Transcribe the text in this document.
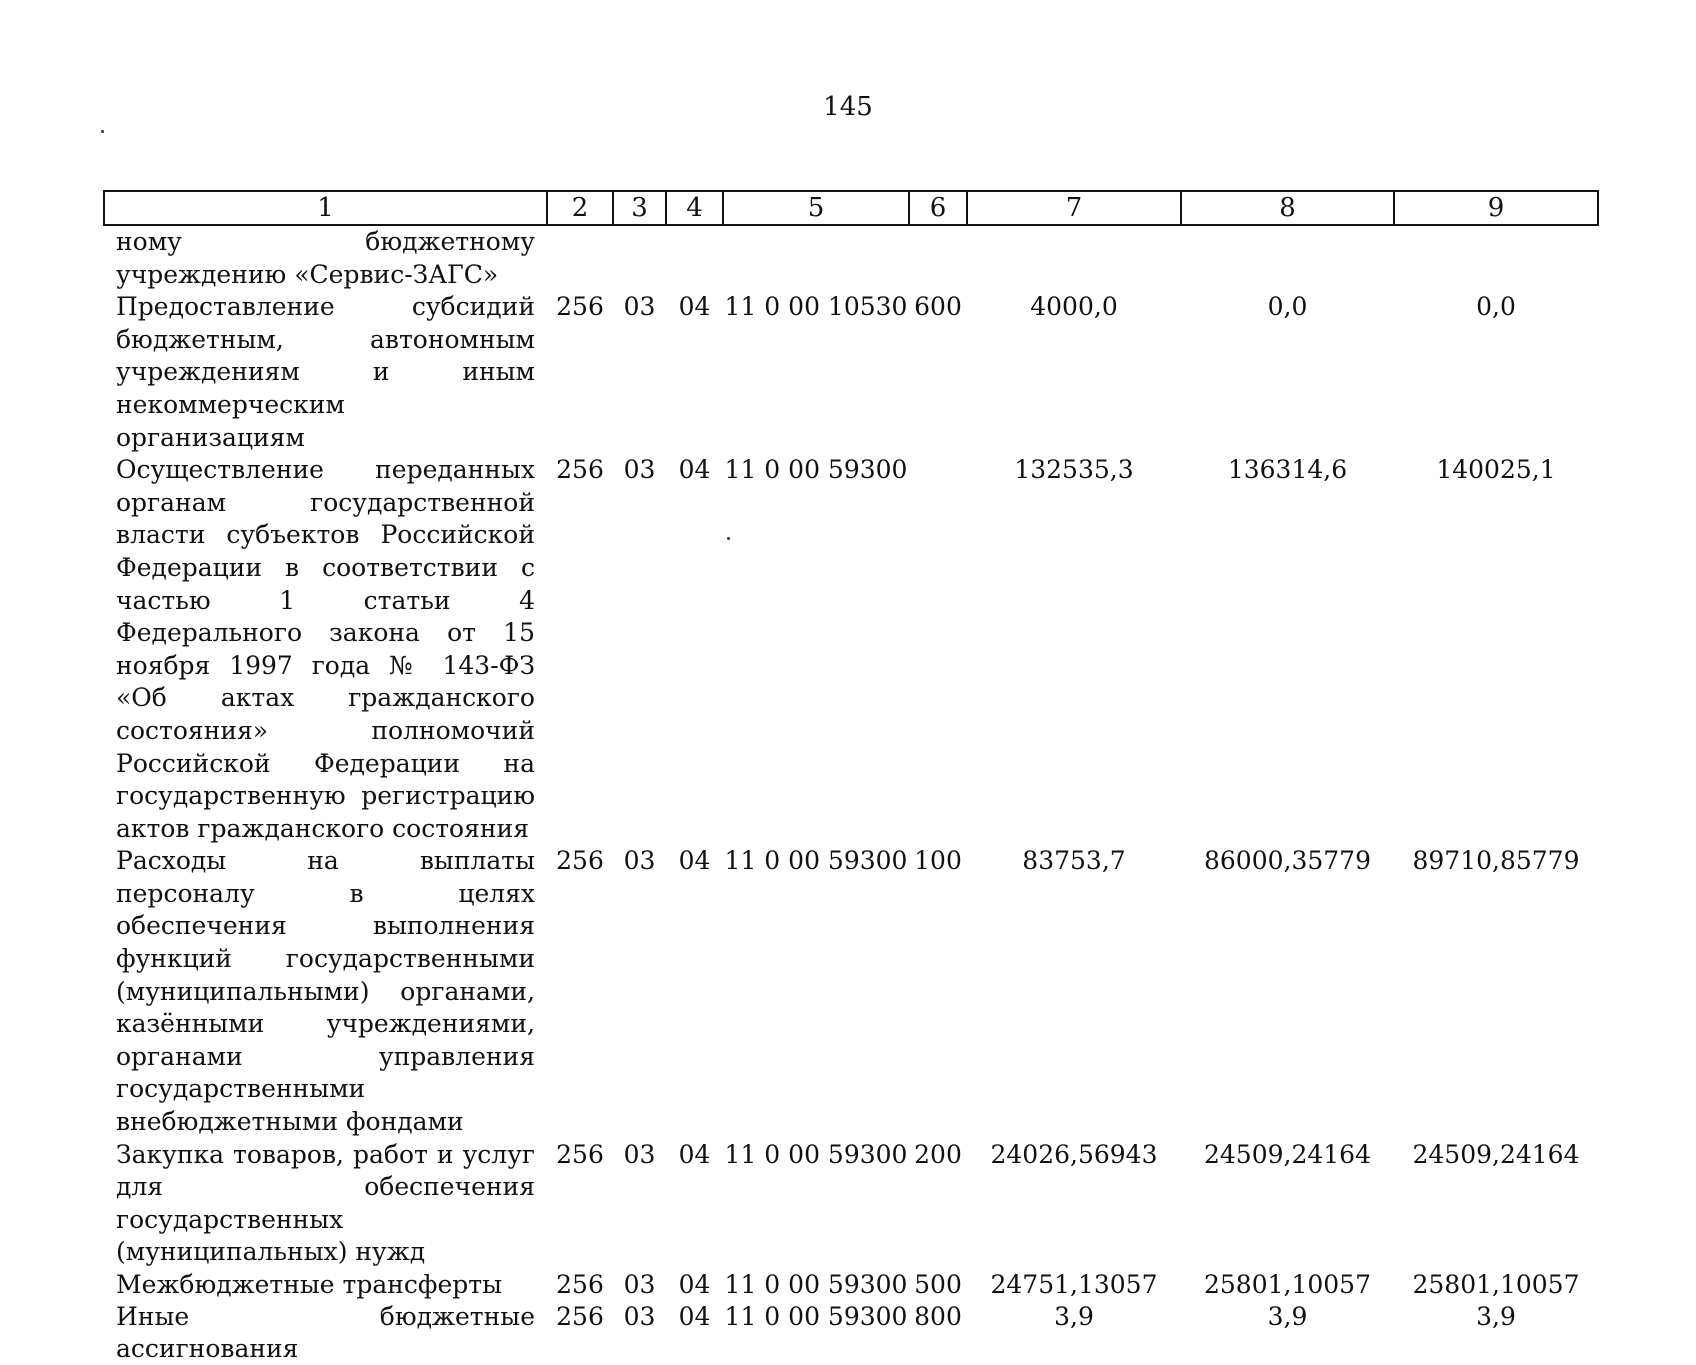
145
1	2	3	4	5	6	7	8	9
ному бюджетному учреждению «Сервис-ЗАГС»								
Предоставление субсидий бюджетным, автономным учреждениям и иным некоммерческим организациям	256	03	04	11 0 00 10530	600	4000,0	0,0	0,0
Осуществление переданных органам государственной власти субъектов Российской Федерации в соответствии с частью 1 статьи 4 Федерального закона от 15 ноября 1997 года № 143-ФЗ «Об актах гражданского состояния» полномочий Российской Федерации на государственную регистрацию актов гражданского состояния	256	03	04	11 0 00 59300		132535,3	136314,6	140025,1
Расходы на выплаты персоналу в целях обеспечения выполнения функций государственными (муниципальными) органами, казёнными учреждениями, органами управления государственными внебюджетными фондами	256	03	04	11 0 00 59300	100	83753,7	86000,35779	89710,85779
Закупка товаров, работ и услуг для обеспечения государственных (муниципальных) нужд	256	03	04	11 0 00 59300	200	24026,56943	24509,24164	24509,24164
Межбюджетные трансферты	256	03	04	11 0 00 59300	500	24751,13057	25801,10057	25801,10057
Иные бюджетные ассигнования	256	03	04	11 0 00 59300	800	3,9	3,9	3,9
